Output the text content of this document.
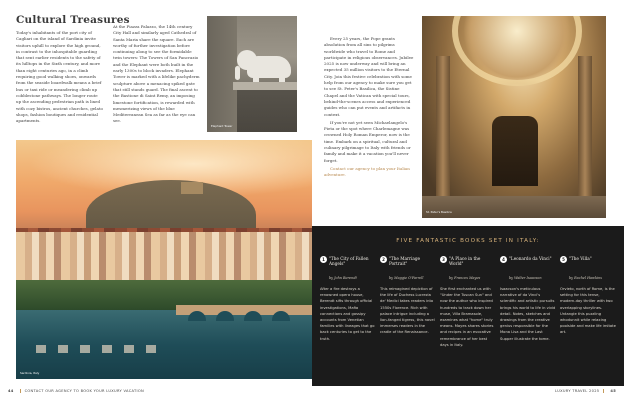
Cultural Treasures

Today's inhabitants of the port city of Cagliari on the island of Sardinia invite visitors uphill to explore the high ground, in contrast to the inhospitable guarding that sent earlier residents to the safety of its hilltops in the Sixth century, and more than eight centuries ago, in a climb requiring good walking shoes, onwards from the seaside boardwalk means a brief bus or taxi ride or meandering climb up cobblestone pathways. The longer route up the ascending pedestrian path is lined with cozy bistros, ancient churches, gelato shops, fashion boutiques and residential apartments.

At the Piazza Palazzo, the 14th century City Hall and similarly aged Cathedral of Santa Maria share the square. Each are worthy of further investigation before continuing along to see the formidable twin towers: The Towers of San Pancrazio and the Elephant were both built in the early 1300s to block invaders. Elephant Tower is marked with a lifelike pachyderm sculpture above a menacing spiked gate that still stands guard. The final ascent to the Bastione di Saint Remy, an imposing limestone fortification, is rewarded with mesmerizing views of the blue Mediterranean Sea as far as the eye can see.

Elephant Tower
Sardinia, Italy
44	CONTACT OUR AGENCY TO BOOK YOUR LUXURY VACATION

Every 25 years, the Pope grants absolution from all sins to pilgrims worldwide who travel to Rome and participate in religious observances. Jubilee 2025 is now underway and will bring an expected 35 million visitors to the Eternal City. Join this festive celebration with some help from our agency to make sure you get to see St. Peter's Basilica, the Sistine Chapel and the Vatican with special tours, behind-the-scenes access and experienced guides who can put events and artifacts in context.

If you're not yet seen Michaelangelo's Pieta or the spot where Charlemagne was crowned Holy Roman Emperor, now is the time. Embark on a spiritual, cultural and culinary pilgrimage to Italy with friends or family and make it a vacation you'll never forget.

Contact our agency to plan your Italian adventure.

St. Peter's Basilica
FIVE FANTASTIC BOOKS SET IN ITALY:
1 "The City of Fallen Angels"
by John Berendt

After a fire destroys a renowned opera house, Berendt sifts through official investigations, Mafia connections and gossipy accounts from Venetian families with lineages that go back centuries to get to the truth.

2 "The Marriage Portrait"
by Maggie O'Farrell

This reimagined depiction of the life of Duchess Lucrezia de' Medici takes readers into 1550s Florence. Rich with palace intrigue including a lion-fanged tigress, this novel immerses readers in the cradle of the Renaissance.

3 "A Place in the World"
by Frances Mayes

She first enchanted us with "Under the Tuscan Sun" and now the author who inspired hundreds to track down her muse, Villa Bramasole, examines what "home" truly means. Mayes shares stories and recipes in an evocative remembrance of her best days in Italy.

4 "Leonardo da Vinci"
by Walter Isaacson

Isaacson's meticulous narrative of da Vinci's scientific and artistic pursuits brings his world to life in vivid detail. Notes, sketches and drawings from the creative genius responsible for the Mona Lisa and the Last Supper illustrate the tome.

5 "The Villa"
by Rachel Hawkins

Orvieto, north of Rome, is the setting for this tense, modern-day thriller with two overlapping storylines. Untangle this puzzling whodunnit while relaxing poolside and make life imitate art.

LUXURY TRAVEL 2025	45
